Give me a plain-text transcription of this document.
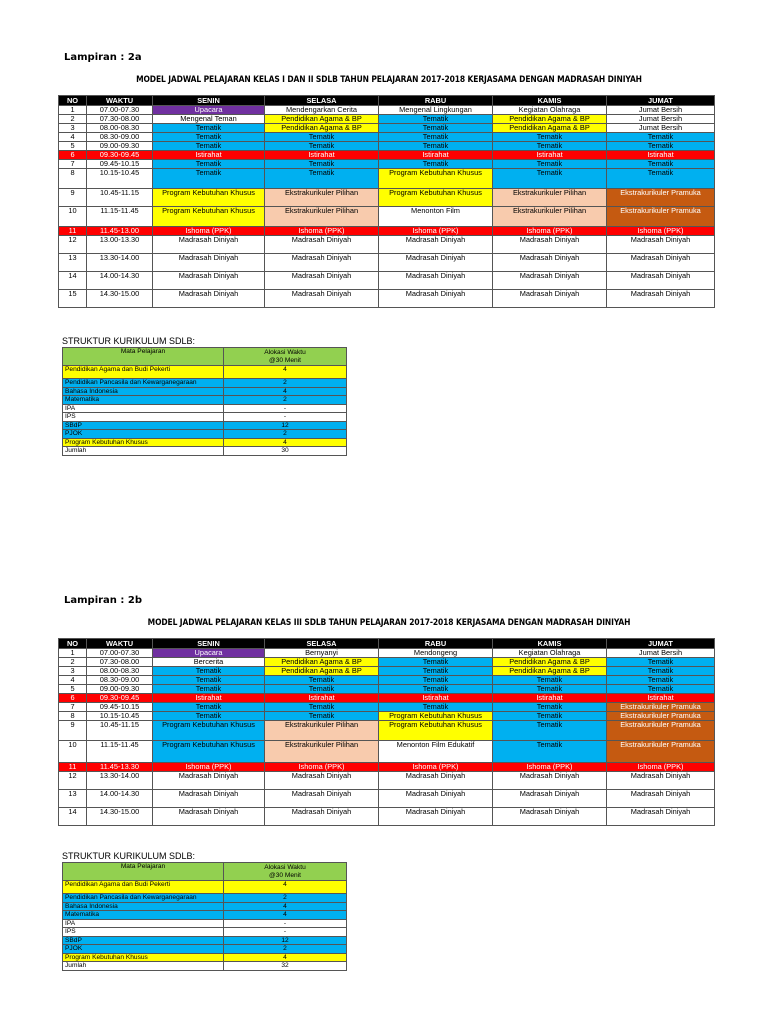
Lampiran : 2a
MODEL JADWAL PELAJARAN KELAS I DAN II SDLB TAHUN PELAJARAN 2017-2018 KERJASAMA DENGAN MADRASAH DINIYAH
NO	WAKTU	SENIN	SELASA	RABU	KAMIS	JUMAT
1	07.00-07.30	Upacara	Mendengarkan Cerita	Mengenal Lingkungan	Kegiatan Olahraga	Jumat Bersih
2	07.30-08.00	Mengenal Teman	Pendidikan Agama & BP	Tematik	Pendidikan Agama & BP	Jumat Bersih
3	08.00-08.30	Tematik	Pendidikan Agama & BP	Tematik	Pendidikan Agama & BP	Jumat Bersih
4	08.30-09.00	Tematik	Tematik	Tematik	Tematik	Tematik
5	09.00-09.30	Tematik	Tematik	Tematik	Tematik	Tematik
6	09.30-09.45	Istirahat	Istirahat	Istirahat	Istirahat	Istirahat
7	09.45-10.15	Tematik	Tematik	Tematik	Tematik	Tematik
8	10.15-10.45	Tematik	Tematik	Program Kebutuhan Khusus	Tematik	Tematik
9	10.45-11.15	Program Kebutuhan Khusus	Ekstrakurikuler Pilihan	Program Kebutuhan Khusus	Ekstrakurikuler Pilihan	Ekstrakurikuler Pramuka
10	11.15-11.45	Program Kebutuhan Khusus	Ekstrakurikuler Pilihan	Menonton Film	Ekstrakurikuler Pilihan	Ekstrakurikuler Pramuka
11	11.45-13.00	Ishoma (PPK)	Ishoma (PPK)	Ishoma (PPK)	Ishoma (PPK)	Ishoma (PPK)
12	13.00-13.30	Madrasah Diniyah	Madrasah Diniyah	Madrasah Diniyah	Madrasah Diniyah	Madrasah Diniyah
13	13.30-14.00	Madrasah Diniyah	Madrasah Diniyah	Madrasah Diniyah	Madrasah Diniyah	Madrasah Diniyah
14	14.00-14.30	Madrasah Diniyah	Madrasah Diniyah	Madrasah Diniyah	Madrasah Diniyah	Madrasah Diniyah
15	14.30-15.00	Madrasah Diniyah	Madrasah Diniyah	Madrasah Diniyah	Madrasah Diniyah	Madrasah Diniyah
STRUKTUR KURIKULUM SDLB:
Mata Pelajaran	Alokasi Waktu
@30 Menit
Pendidikan Agama dan Budi Pekerti	4
Pendidikan Pancasila dan Kewarganegaraan	2
Bahasa Indonesia	4
Matematika	2
IPA	-
IPS	-
SBdP	12
PJOK	2
Program Kebutuhan Khusus	4
Jumlah	30
Lampiran : 2b
MODEL JADWAL PELAJARAN KELAS III SDLB TAHUN PELAJARAN 2017-2018 KERJASAMA DENGAN MADRASAH DINIYAH
NO	WAKTU	SENIN	SELASA	RABU	KAMIS	JUMAT
1	07.00-07.30	Upacara	Bernyanyi	Mendongeng	Kegiatan Olahraga	Jumat Bersih
2	07.30-08.00	Bercerita	Pendidikan Agama & BP	Tematik	Pendidikan Agama & BP	Tematik
3	08.00-08.30	Tematik	Pendidikan Agama & BP	Tematik	Pendidikan Agama & BP	Tematik
4	08.30-09.00	Tematik	Tematik	Tematik	Tematik	Tematik
5	09.00-09.30	Tematik	Tematik	Tematik	Tematik	Tematik
6	09.30-09.45	Istirahat	Istirahat	Istirahat	Istirahat	Istirahat
7	09.45-10.15	Tematik	Tematik	Tematik	Tematik	Ekstrakurikuler Pramuka
8	10.15-10.45	Tematik	Tematik	Program Kebutuhan Khusus	Tematik	Ekstrakurikuler Pramuka
9	10.45-11.15	Program Kebutuhan Khusus	Ekstrakurikuler Pilihan	Program Kebutuhan Khusus	Tematik	Ekstrakurikuler Pramuka
10	11.15-11.45	Program Kebutuhan Khusus	Ekstrakurikuler Pilihan	Menonton Film Edukatif	Tematik	Ekstrakurikuler Pramuka
11	11.45-13.30	Ishoma (PPK)	Ishoma (PPK)	Ishoma (PPK)	Ishoma (PPK)	Ishoma (PPK)
12	13.30-14.00	Madrasah Diniyah	Madrasah Diniyah	Madrasah Diniyah	Madrasah Diniyah	Madrasah Diniyah
13	14.00-14.30	Madrasah Diniyah	Madrasah Diniyah	Madrasah Diniyah	Madrasah Diniyah	Madrasah Diniyah
14	14.30-15.00	Madrasah Diniyah	Madrasah Diniyah	Madrasah Diniyah	Madrasah Diniyah	Madrasah Diniyah
STRUKTUR KURIKULUM SDLB:
Mata Pelajaran	Alokasi Waktu
@30 Menit
Pendidikan Agama dan Budi Pekerti	4
Pendidikan Pancasila dan Kewarganegaraan	2
Bahasa Indonesia	4
Matematika	4
IPA	-
IPS	-
SBdP	12
PJOK	2
Program Kebutuhan Khusus	4
Jumlah	32
